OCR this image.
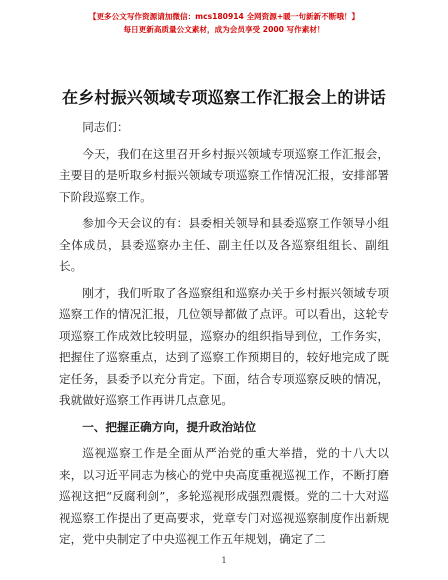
【更多公文写作资源请加微信：mcs180914 全网资源+暖一句新新不断哦！】
每日更新高质量公文素材，成为会员享受 2000 写作素材！
在乡村振兴领域专项巡察工作汇报会上的讲话

同志们：

今天，我们在这里召开乡村振兴领域专项巡察工作汇报会，主要目的是听取乡村振兴领域专项巡察工作情况汇报，安排部署下阶段巡察工作。

参加今天会议的有：县委相关领导和县委巡察工作领导小组全体成员，县委巡察办主任、副主任以及各巡察组组长、副组长。

刚才，我们听取了各巡察组和巡察办关于乡村振兴领域专项巡察工作的情况汇报，几位领导都做了点评。可以看出，这轮专项巡察工作成效比较明显，巡察办的组织指导到位，工作务实，把握住了巡察重点，达到了巡察工作预期目的，较好地完成了既定任务，县委予以充分肯定。下面，结合专项巡察反映的情况，我就做好巡察工作再讲几点意见。

一、把握正确方向，提升政治站位

巡视巡察工作是全面从严治党的重大举措，党的十八大以来，以习近平同志为核心的党中央高度重视巡视工作，不断打磨巡视这把“反腐利剑”，多轮巡视形成强烈震慑。党的二十大对巡视巡察工作提出了更高要求，党章专门对巡视巡察制度作出新规定，党中央制定了中央巡视工作五年规划，确定了二

1
